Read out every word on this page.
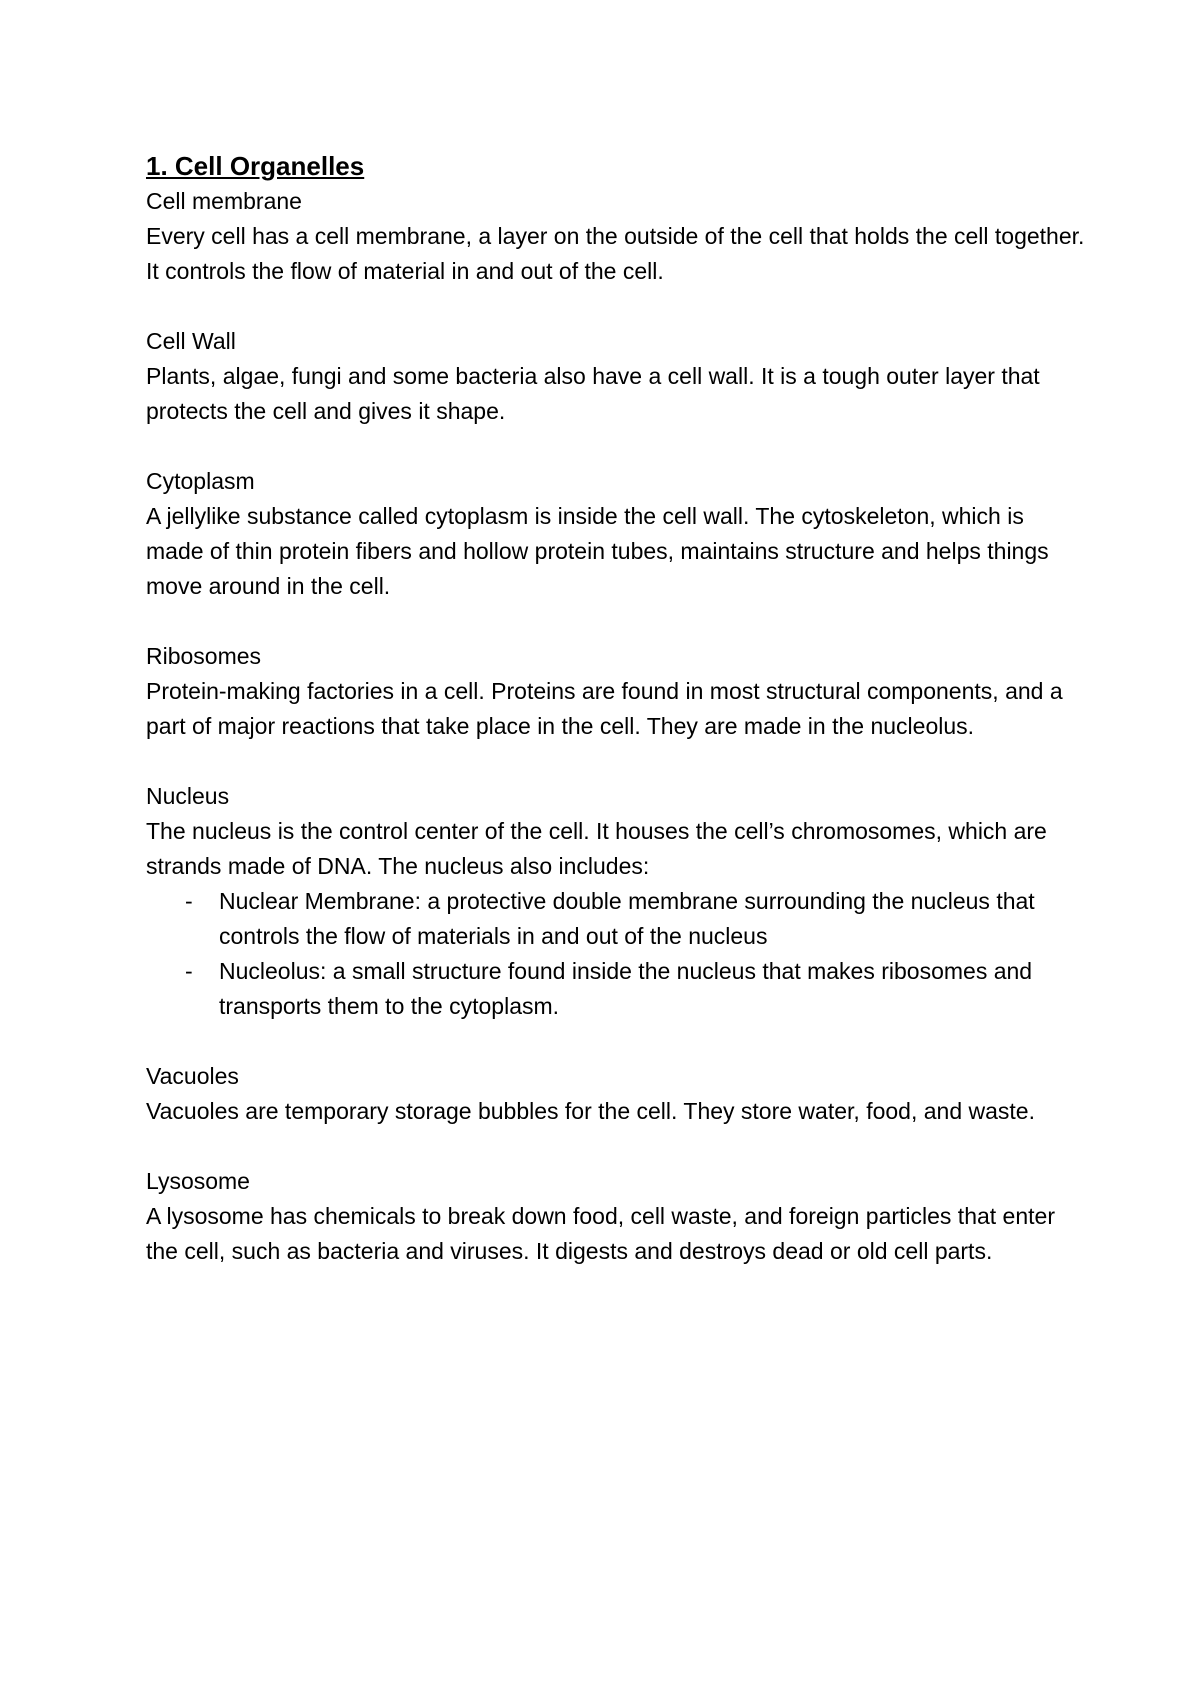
1. Cell Organelles
Cell membrane

Every cell has a cell membrane, a layer on the outside of the cell that holds the cell together. It controls the flow of material in and out of the cell.

Cell Wall

Plants, algae, fungi and some bacteria also have a cell wall. It is a tough outer layer that protects the cell and gives it shape.

Cytoplasm

A jellylike substance called cytoplasm is inside the cell wall. The cytoskeleton, which is made of thin protein fibers and hollow protein tubes, maintains structure and helps things move around in the cell.

Ribosomes

Protein-making factories in a cell. Proteins are found in most structural components, and a part of major reactions that take place in the cell. They are made in the nucleolus.

Nucleus

The nucleus is the control center of the cell. It houses the cell’s chromosomes, which are strands made of DNA. The nucleus also includes:

- Nuclear Membrane: a protective double membrane surrounding the nucleus that controls the flow of materials in and out of the nucleus
- Nucleolus: a small structure found inside the nucleus that makes ribosomes and transports them to the cytoplasm.
Vacuoles

Vacuoles are temporary storage bubbles for the cell. They store water, food, and waste.

Lysosome

A lysosome has chemicals to break down food, cell waste, and foreign particles that enter the cell, such as bacteria and viruses. It digests and destroys dead or old cell parts.
